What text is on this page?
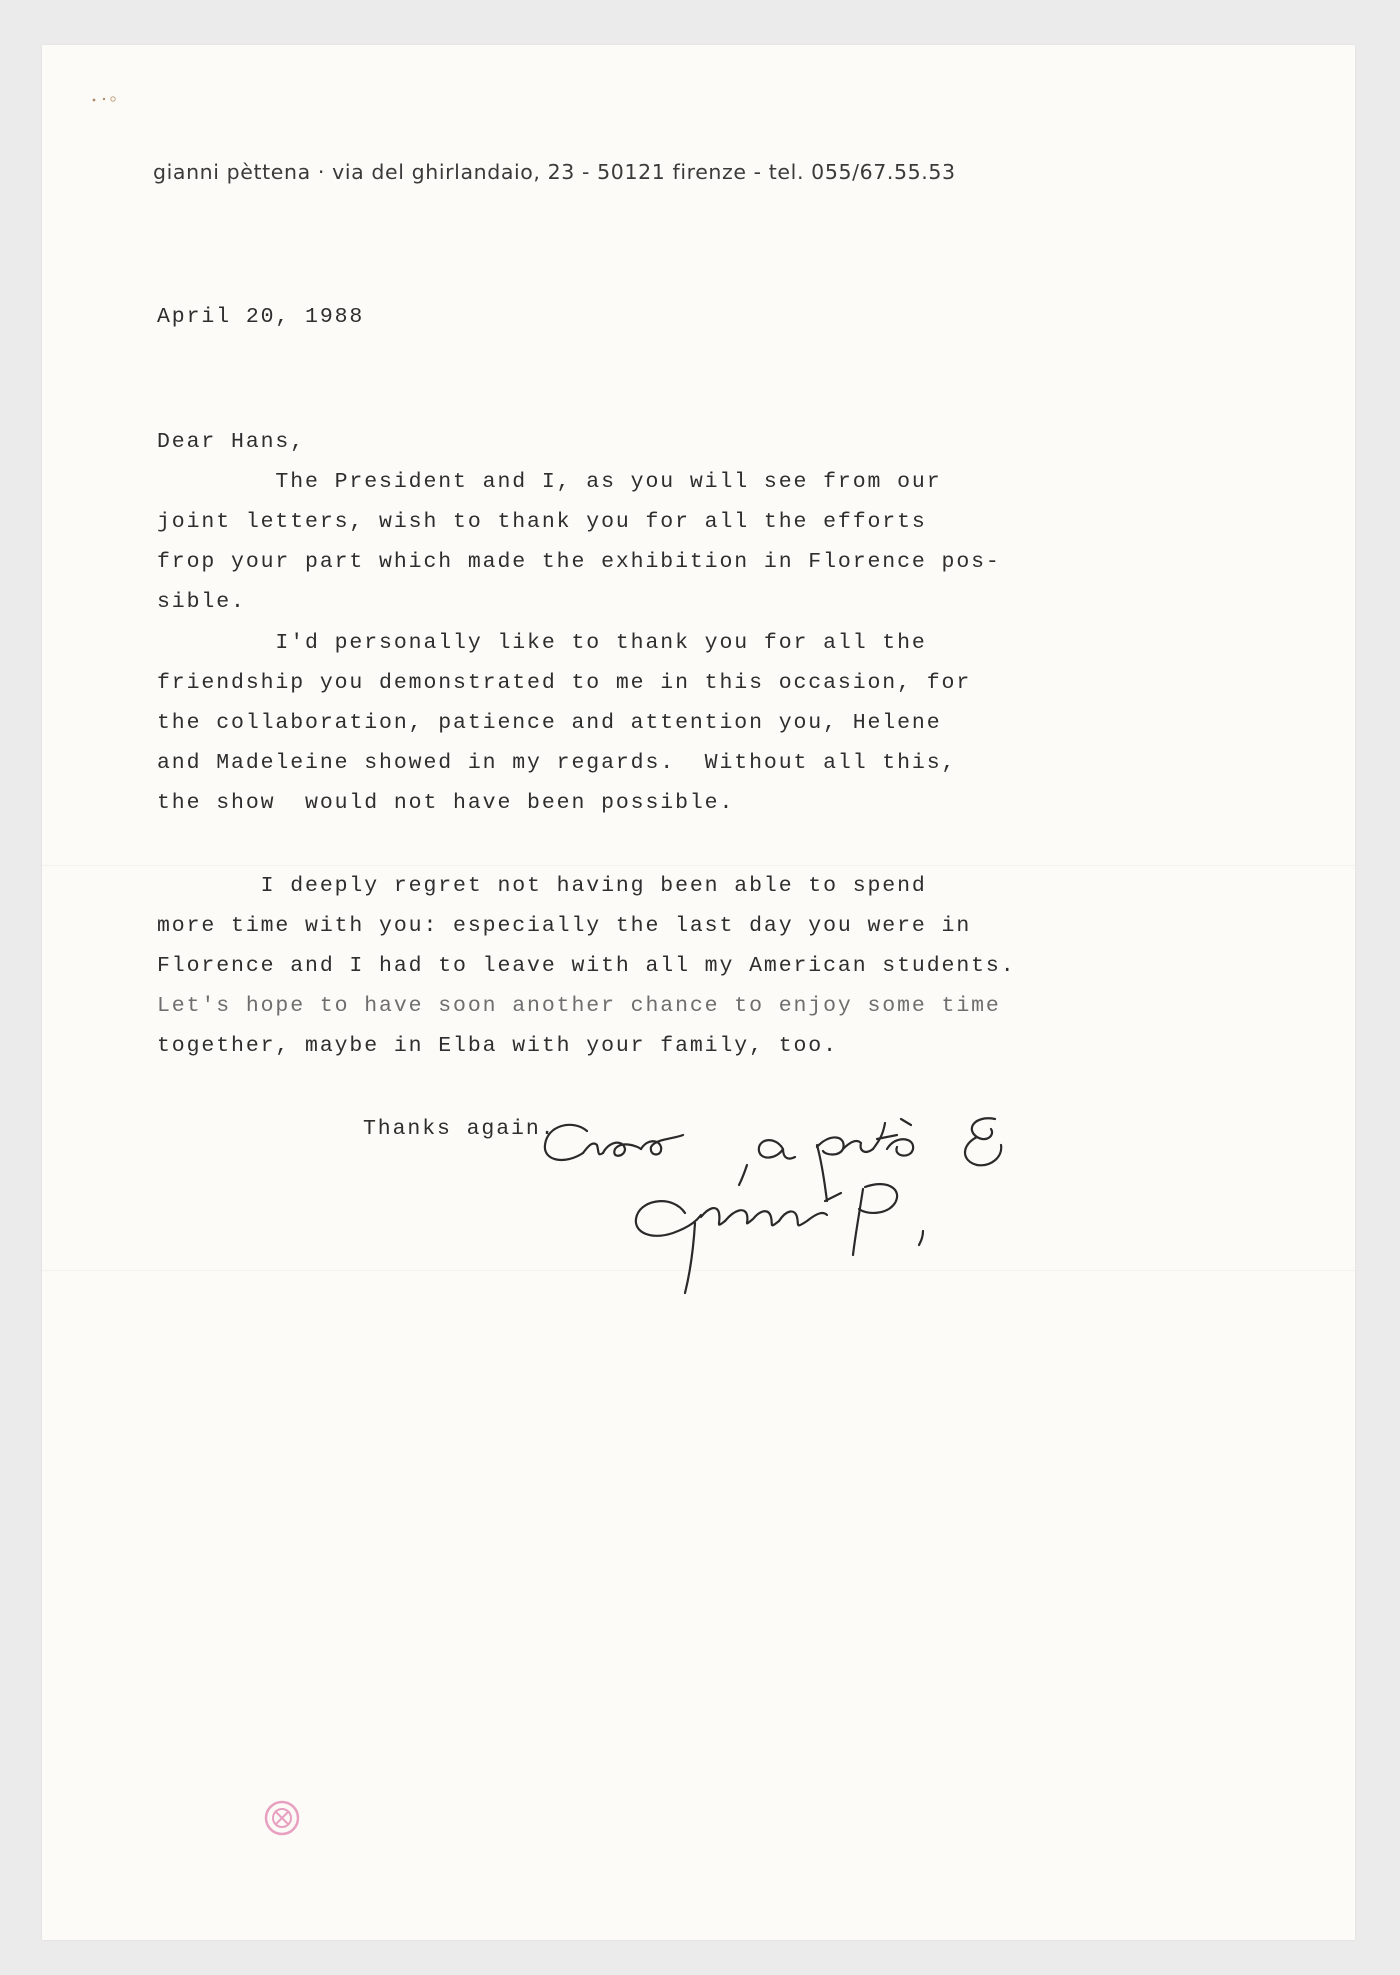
gianni pèttena · via del ghirlandaio, 23 - 50121 firenze - tel. 055/67.55.53
April 20, 1988
Dear Hans,
The President and I, as you will see from our
joint letters, wish to thank you for all the efforts
frop your part which made the exhibition in Florence pos-
sible.
I'd personally like to thank you for all the
friendship you demonstrated to me in this occasion, for
the collaboration, patience and attention you, Helene
and Madeleine showed in my regards.  Without all this,
the show  would not have been possible.
I deeply regret not having been able to spend
more time with you: especially the last day you were in
Florence and I had to leave with all my American students.
Let's hope to have soon another chance to enjoy some time
together, maybe in Elba with your family, too.
Thanks again.
